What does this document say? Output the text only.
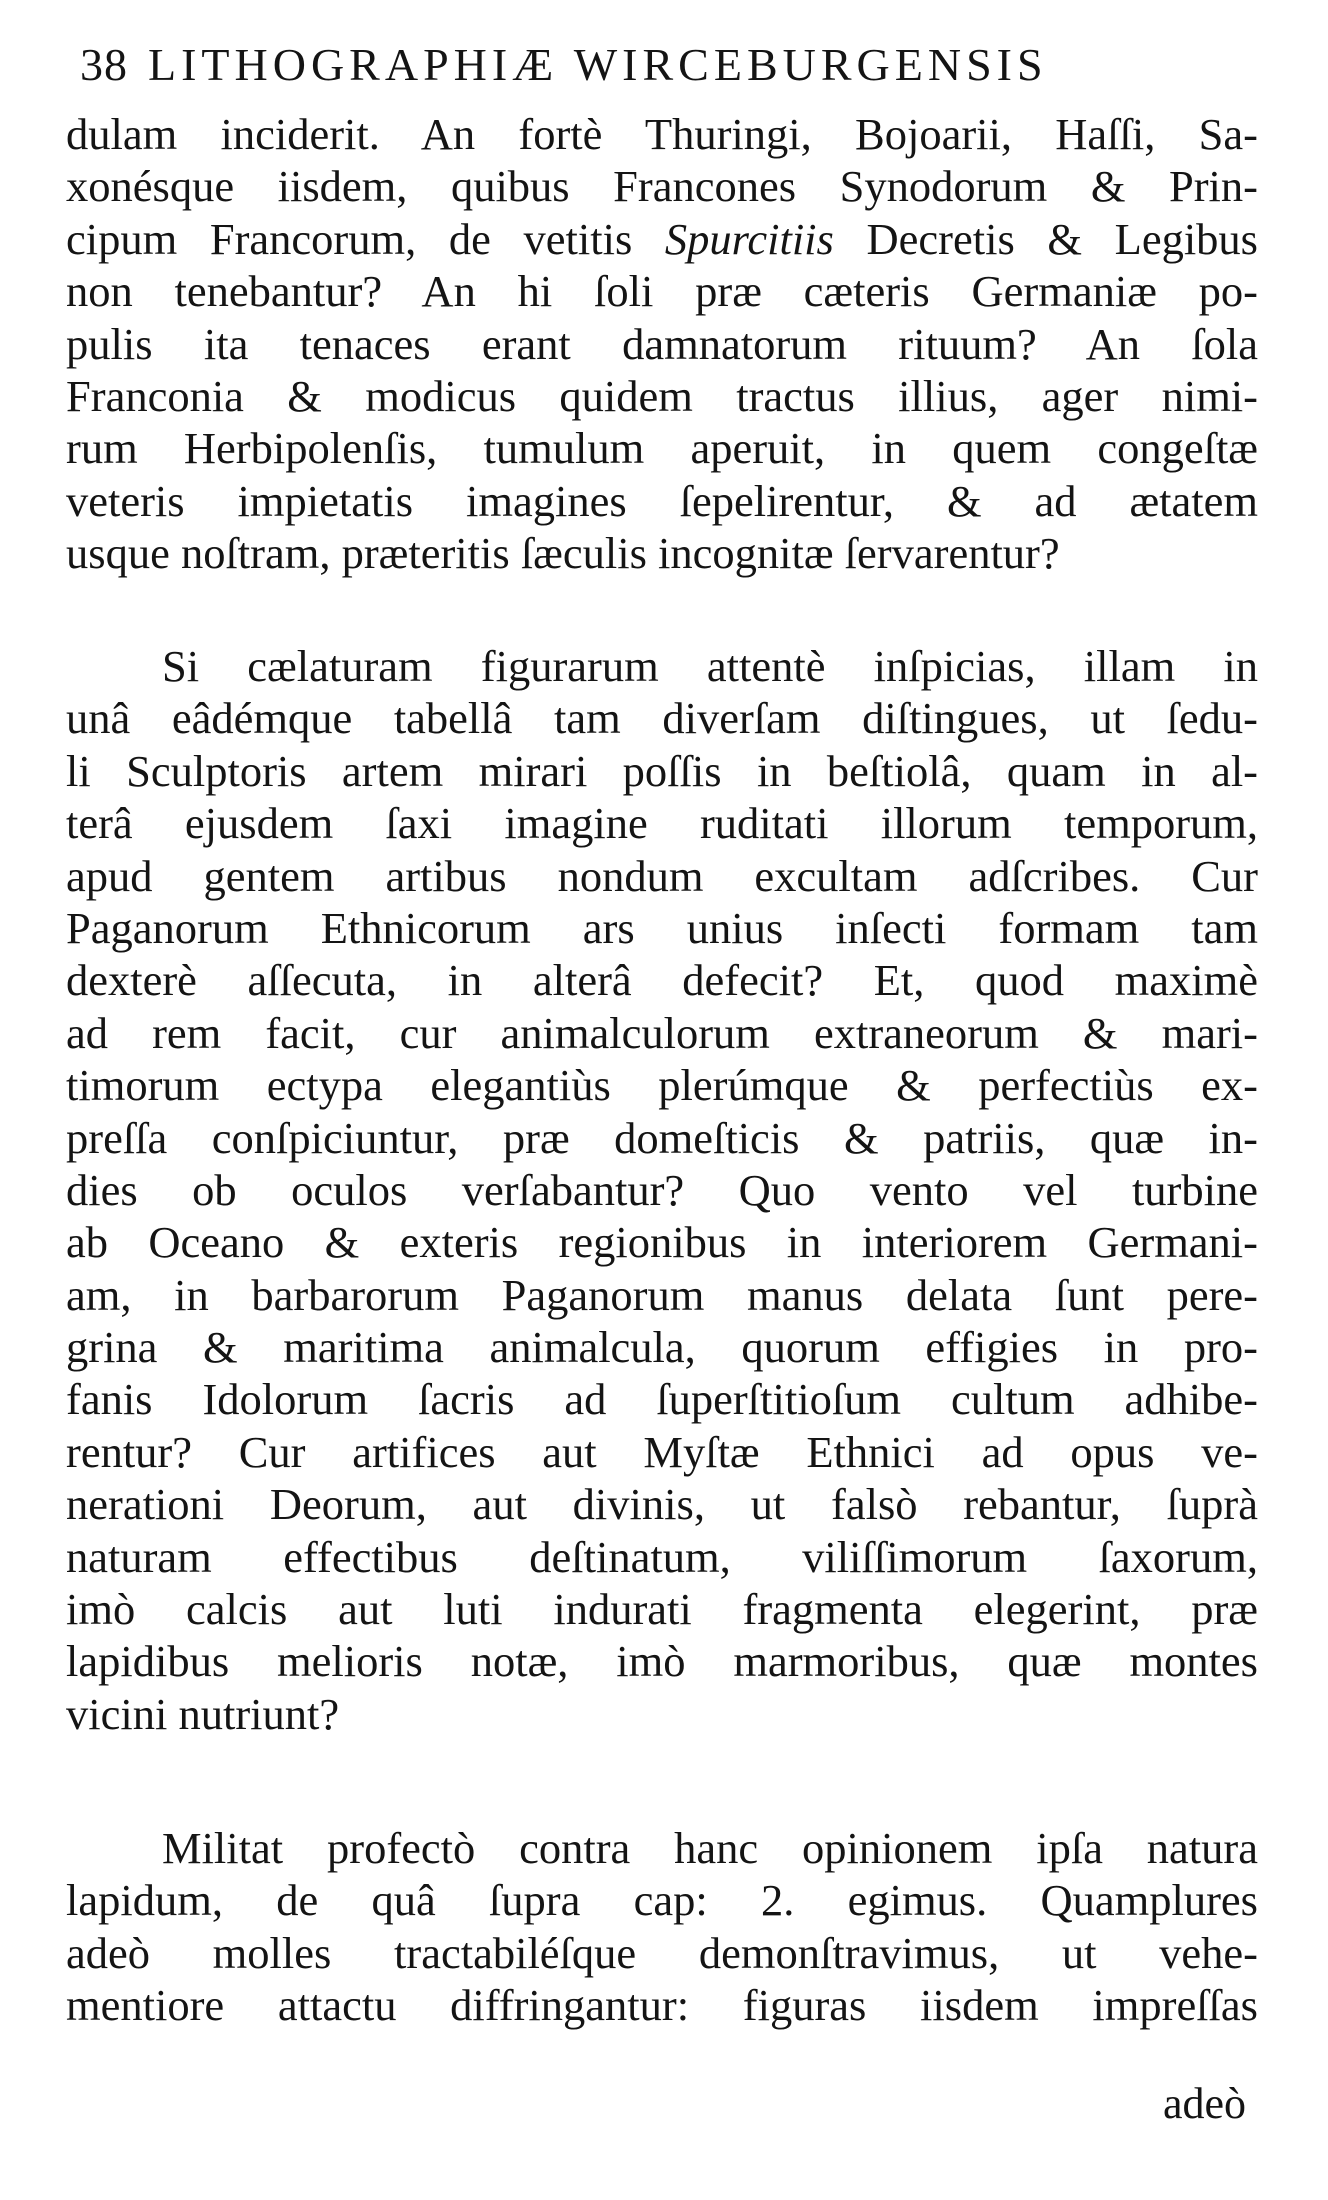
38 LITHOGRAPHIÆ WIRCEBURGENSIS
dulam inciderit. An fortè Thuringi, Bojoarii, Haſſi, Sa-
xonésque iisdem, quibus Francones Synodorum & Prin-
cipum Francorum, de vetitis Spurcitiis Decretis & Legibus
non tenebantur? An hi ſoli præ cæteris Germaniæ po-
pulis ita tenaces erant damnatorum rituum? An ſola
Franconia & modicus quidem tractus illius, ager nimi-
rum Herbipolenſis, tumulum aperuit, in quem congeſtæ
veteris impietatis imagines ſepelirentur, & ad ætatem
usque noſtram, præteritis ſæculis incognitæ ſervarentur?
Si cælaturam figurarum attentè inſpicias, illam in
unâ eâdémque tabellâ tam diverſam diſtingues, ut ſedu-
li Sculptoris artem mirari poſſis in beſtiolâ, quam in al-
terâ ejusdem ſaxi imagine ruditati illorum temporum,
apud gentem artibus nondum excultam adſcribes. Cur
Paganorum Ethnicorum ars unius inſecti formam tam
dexterè aſſecuta, in alterâ defecit? Et, quod maximè
ad rem facit, cur animalculorum extraneorum & mari-
timorum ectypa elegantiùs plerúmque & perfectiùs ex-
preſſa conſpiciuntur, præ domeſticis & patriis, quæ in-
dies ob oculos verſabantur? Quo vento vel turbine
ab Oceano & exteris regionibus in interiorem Germani-
am, in barbarorum Paganorum manus delata ſunt pere-
grina & maritima animalcula, quorum effigies in pro-
fanis Idolorum ſacris ad ſuperſtitioſum cultum adhibe-
rentur? Cur artifices aut Myſtæ Ethnici ad opus ve-
nerationi Deorum, aut divinis, ut falsò rebantur, ſuprà
naturam effectibus deſtinatum, viliſſimorum ſaxorum,
imò calcis aut luti indurati fragmenta elegerint, præ
lapidibus melioris notæ, imò marmoribus, quæ montes
vicini nutriunt?
Militat profectò contra hanc opinionem ipſa natura
lapidum, de quâ ſupra cap: 2. egimus. Quamplures
adeò molles tractabiléſque demonſtravimus, ut vehe-
mentiore attactu diffringantur: figuras iisdem impreſſas
adeò
